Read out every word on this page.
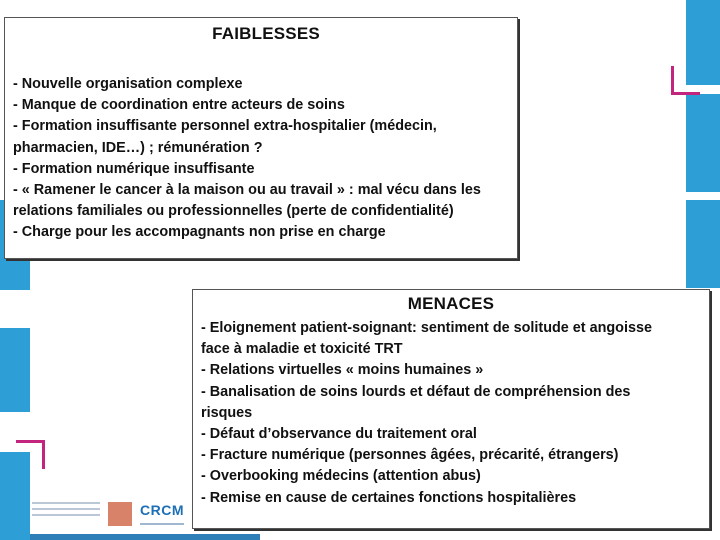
FAIBLESSES
- Nouvelle organisation complexe
- Manque de coordination entre acteurs de soins
- Formation insuffisante personnel extra-hospitalier (médecin,
pharmacien, IDE…) ; rémunération ?
- Formation numérique insuffisante
- « Ramener le cancer à la maison ou au travail » : mal vécu dans les
relations familiales ou professionnelles (perte de confidentialité)
- Charge pour les accompagnants non prise en charge
MENACES
- Eloignement patient-soignant: sentiment de solitude et angoisse
face à maladie et toxicité TRT
- Relations virtuelles « moins humaines »
- Banalisation de soins lourds et défaut de compréhension des
risques
- Défaut d’observance du traitement oral
- Fracture numérique (personnes âgées, précarité, étrangers)
- Overbooking médecins (attention abus)
- Remise en cause de certaines fonctions hospitalières
CRCM
